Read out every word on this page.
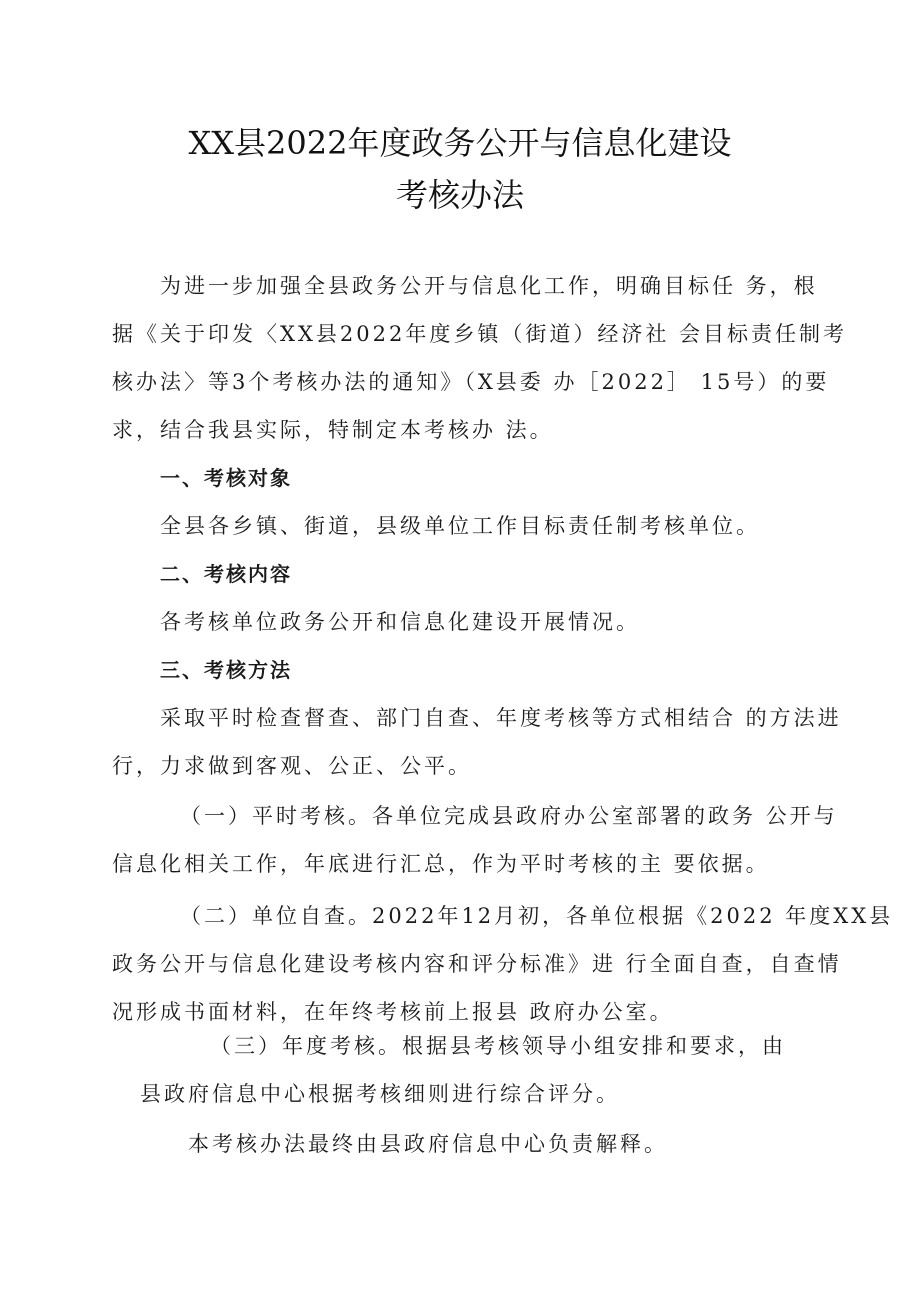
XX县2022年度政务公开与信息化建设
考核办法
为进一步加强全县政务公开与信息化工作，明确目标任 务，根
据《关于印发〈XX县2022年度乡镇（街道）经济社 会目标责任制考
核办法〉等3个考核办法的通知》（X县委 办［2022］ 15号）的要
求，结合我县实际，特制定本考核办 法。
一、考核对象
全县各乡镇、街道，县级单位工作目标责任制考核单位。
二、考核内容
各考核单位政务公开和信息化建设开展情况。
三、考核方法
采取平时检查督查、部门自查、年度考核等方式相结合 的方法进
行，力求做到客观、公正、公平。
（一）平时考核。各单位完成县政府办公室部署的政务 公开与
信息化相关工作，年底进行汇总，作为平时考核的主 要依据。
（二）单位自查。2022年12月初，各单位根据《2022 年度XX县
政务公开与信息化建设考核内容和评分标准》进 行全面自查，自查情
况形成书面材料，在年终考核前上报县 政府办公室。
（三）年度考核。根据县考核领导小组安排和要求，由
县政府信息中心根据考核细则进行综合评分。
本考核办法最终由县政府信息中心负责解释。
